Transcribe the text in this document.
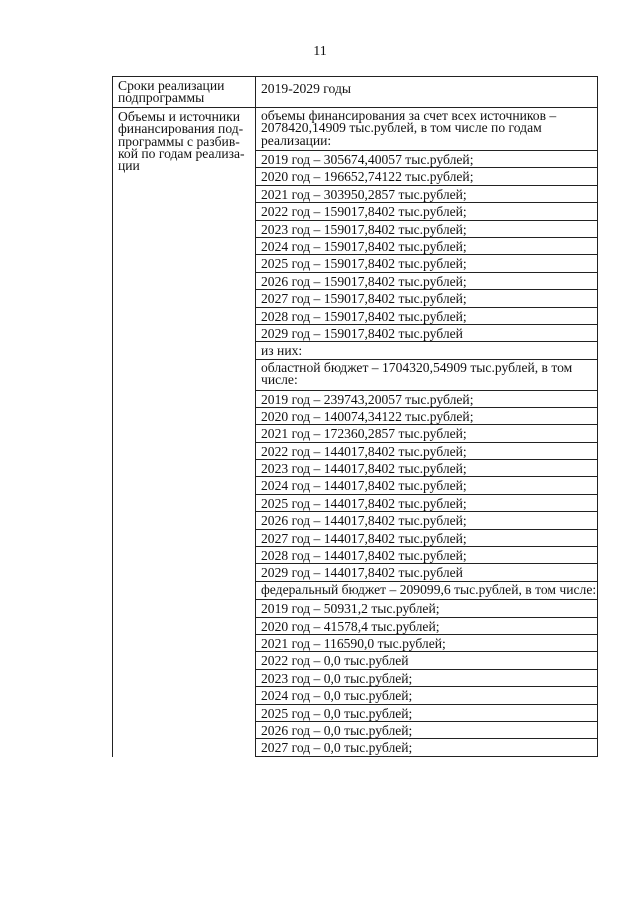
11
Сроки реализации подпрограммы
2019-2029 годы
Объемы и источники финансирования под-программы с разбив-кой по годам реализа-ции
объемы финансирования за счет всех источников – 2078420,14909 тыс.рублей, в том числе по годам реализации:
2019 год – 305674,40057 тыс.рублей;
2020 год – 196652,74122 тыс.рублей;
2021 год – 303950,2857 тыс.рублей;
2022 год – 159017,8402 тыс.рублей;
2023 год – 159017,8402 тыс.рублей;
2024 год – 159017,8402 тыс.рублей;
2025 год – 159017,8402 тыс.рублей;
2026 год – 159017,8402 тыс.рублей;
2027 год – 159017,8402 тыс.рублей;
2028 год – 159017,8402 тыс.рублей;
2029 год – 159017,8402 тыс.рублей
из них:
областной бюджет – 1704320,54909 тыс.рублей, в том числе:
2019 год – 239743,20057 тыс.рублей;
2020 год – 140074,34122 тыс.рублей;
2021 год – 172360,2857 тыс.рублей;
2022 год – 144017,8402 тыс.рублей;
2023 год – 144017,8402 тыс.рублей;
2024 год – 144017,8402 тыс.рублей;
2025 год – 144017,8402 тыс.рублей;
2026 год – 144017,8402 тыс.рублей;
2027 год – 144017,8402 тыс.рублей;
2028 год – 144017,8402 тыс.рублей;
2029 год – 144017,8402 тыс.рублей
федеральный бюджет – 209099,6 тыс.рублей, в том числе:
2019 год – 50931,2 тыс.рублей;
2020 год – 41578,4 тыс.рублей;
2021 год – 116590,0 тыс.рублей;
2022 год – 0,0 тыс.рублей
2023 год – 0,0 тыс.рублей;
2024 год – 0,0 тыс.рублей;
2025 год – 0,0 тыс.рублей;
2026 год – 0,0 тыс.рублей;
2027 год – 0,0 тыс.рублей;
